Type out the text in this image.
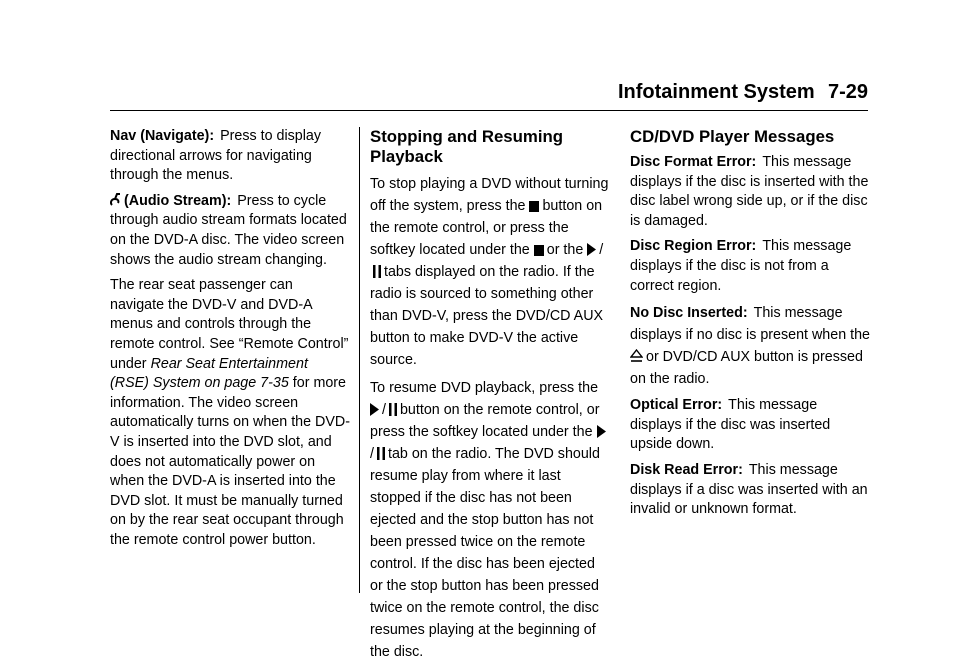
Infotainment System 7-29

Nav (Navigate): Press to display directional arrows for navigating through the menus.

(Audio Stream): Press to cycle through audio stream formats located on the DVD-A disc. The video screen shows the audio stream changing.

The rear seat passenger can navigate the DVD-V and DVD-A menus and controls through the remote control. See “Remote Control” under Rear Seat Entertainment (RSE) System on page 7-35 for more information. The video screen automatically turns on when the DVD-V is inserted into the DVD slot, and does not automatically power on when the DVD-A is inserted into the DVD slot. It must be manually turned on by the rear seat occupant through the remote control power button.

Stopping and Resuming Playback

To stop playing a DVD without turning off the system, press the button on the remote control, or press the softkey located under the or the /
tabs displayed on the radio. If the radio is sourced to something other than DVD-V, press the DVD/CD AUX button to make DVD-V the active source.

To resume DVD playback, press the
/ button on the remote control, or press the softkey located under the
/ tab on the radio. The DVD should resume play from where it last stopped if the disc has not been ejected and the stop button has not been pressed twice on the remote control. If the disc has been ejected or the stop button has been pressed twice on the remote control, the disc resumes playing at the beginning of the disc.

CD/DVD Player Messages

Disc Format Error: This message displays if the disc is inserted with the disc label wrong side up, or if the disc is damaged.

Disc Region Error: This message displays if the disc is not from a correct region.

No Disc Inserted: This message displays if no disc is present when the
or DVD/CD AUX button is pressed on the radio.

Optical Error: This message displays if the disc was inserted upside down.

Disk Read Error: This message displays if a disc was inserted with an invalid or unknown format.
